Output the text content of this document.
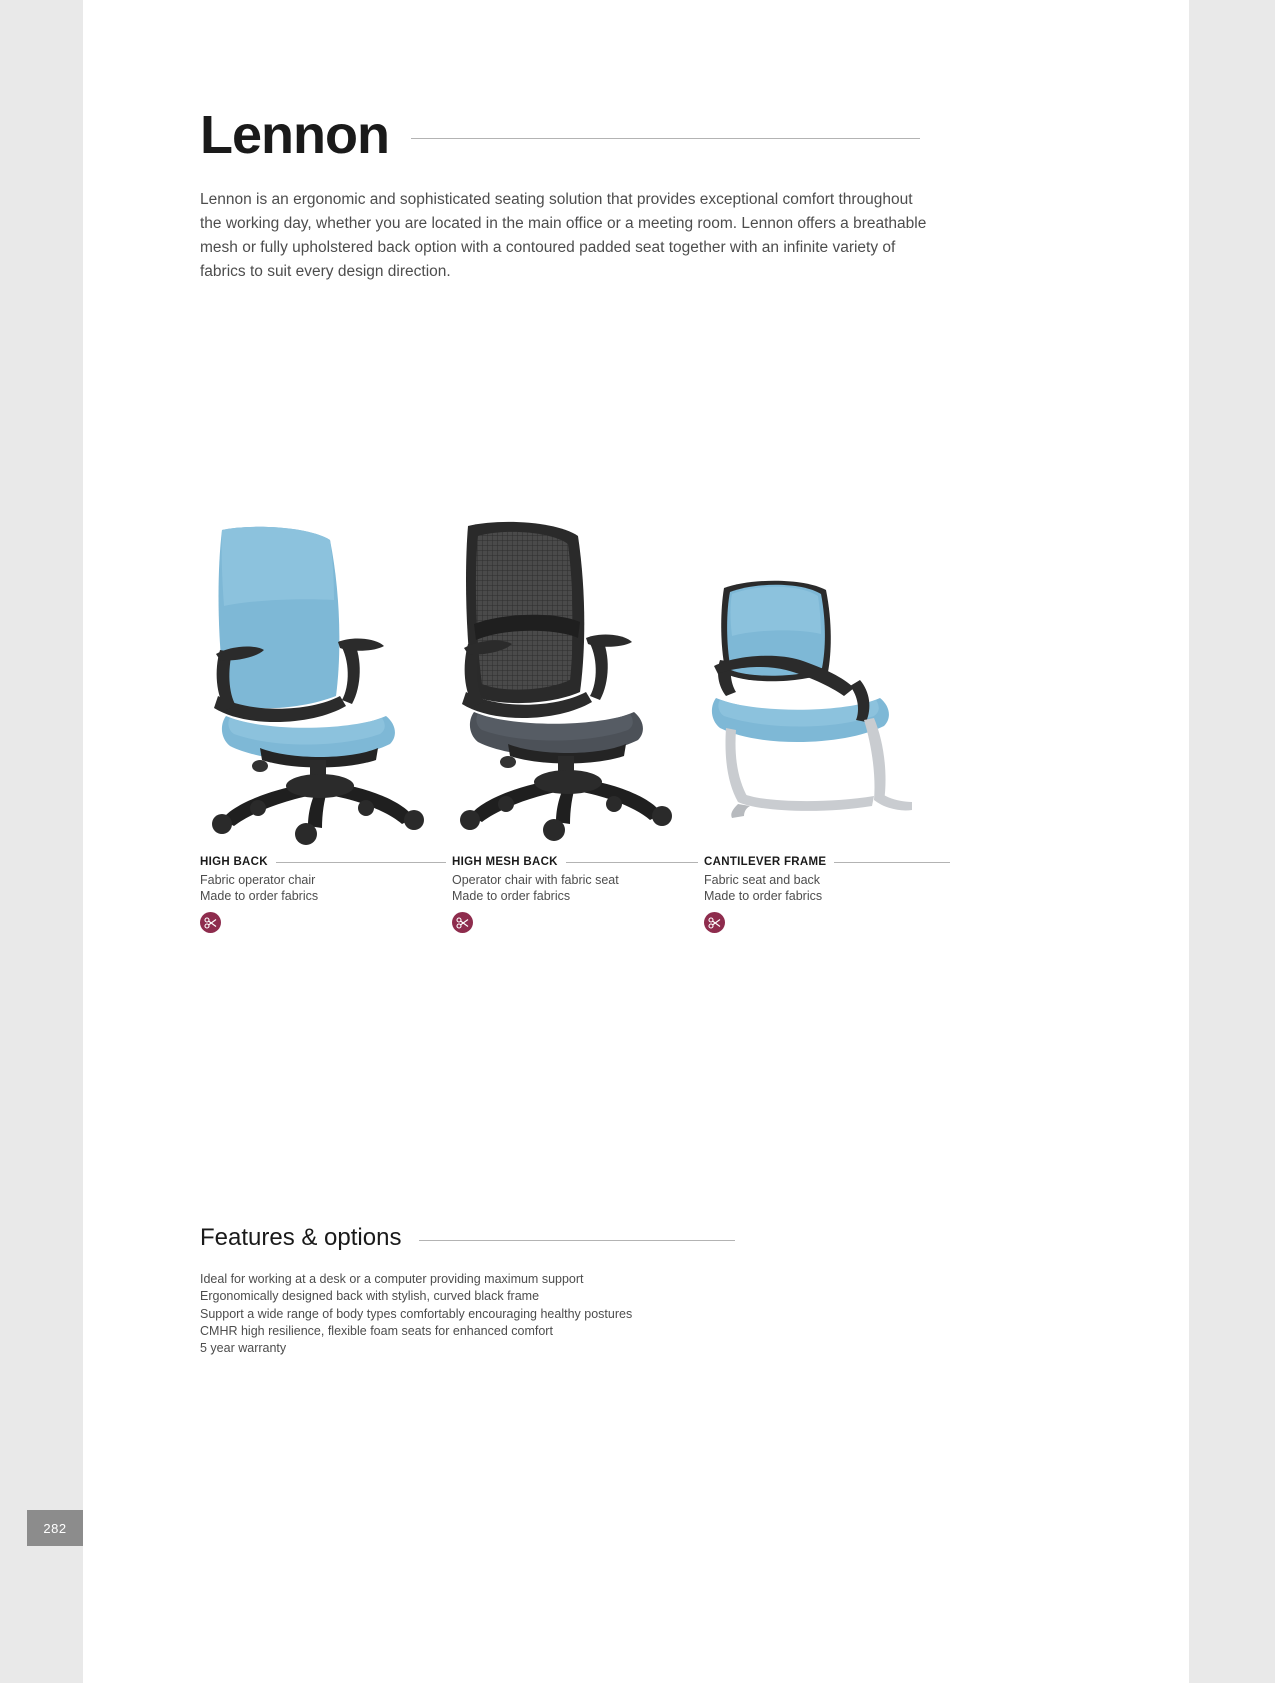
Lennon
Lennon is an ergonomic and sophisticated seating solution that provides exceptional comfort throughout the working day, whether you are located in the main office or a meeting room. Lennon offers a breathable mesh or fully upholstered back option with a contoured padded seat together with an infinite variety of fabrics to suit every design direction.
HIGH BACK
Fabric operator chair
Made to order fabrics
HIGH MESH BACK
Operator chair with fabric seat
Made to order fabrics
CANTILEVER FRAME
Fabric seat and back
Made to order fabrics
Features & options
Ideal for working at a desk or a computer providing maximum support
Ergonomically designed back with stylish, curved black frame
Support a wide range of body types comfortably encouraging healthy postures
CMHR high resilience, flexible foam seats for enhanced comfort
5 year warranty
282
